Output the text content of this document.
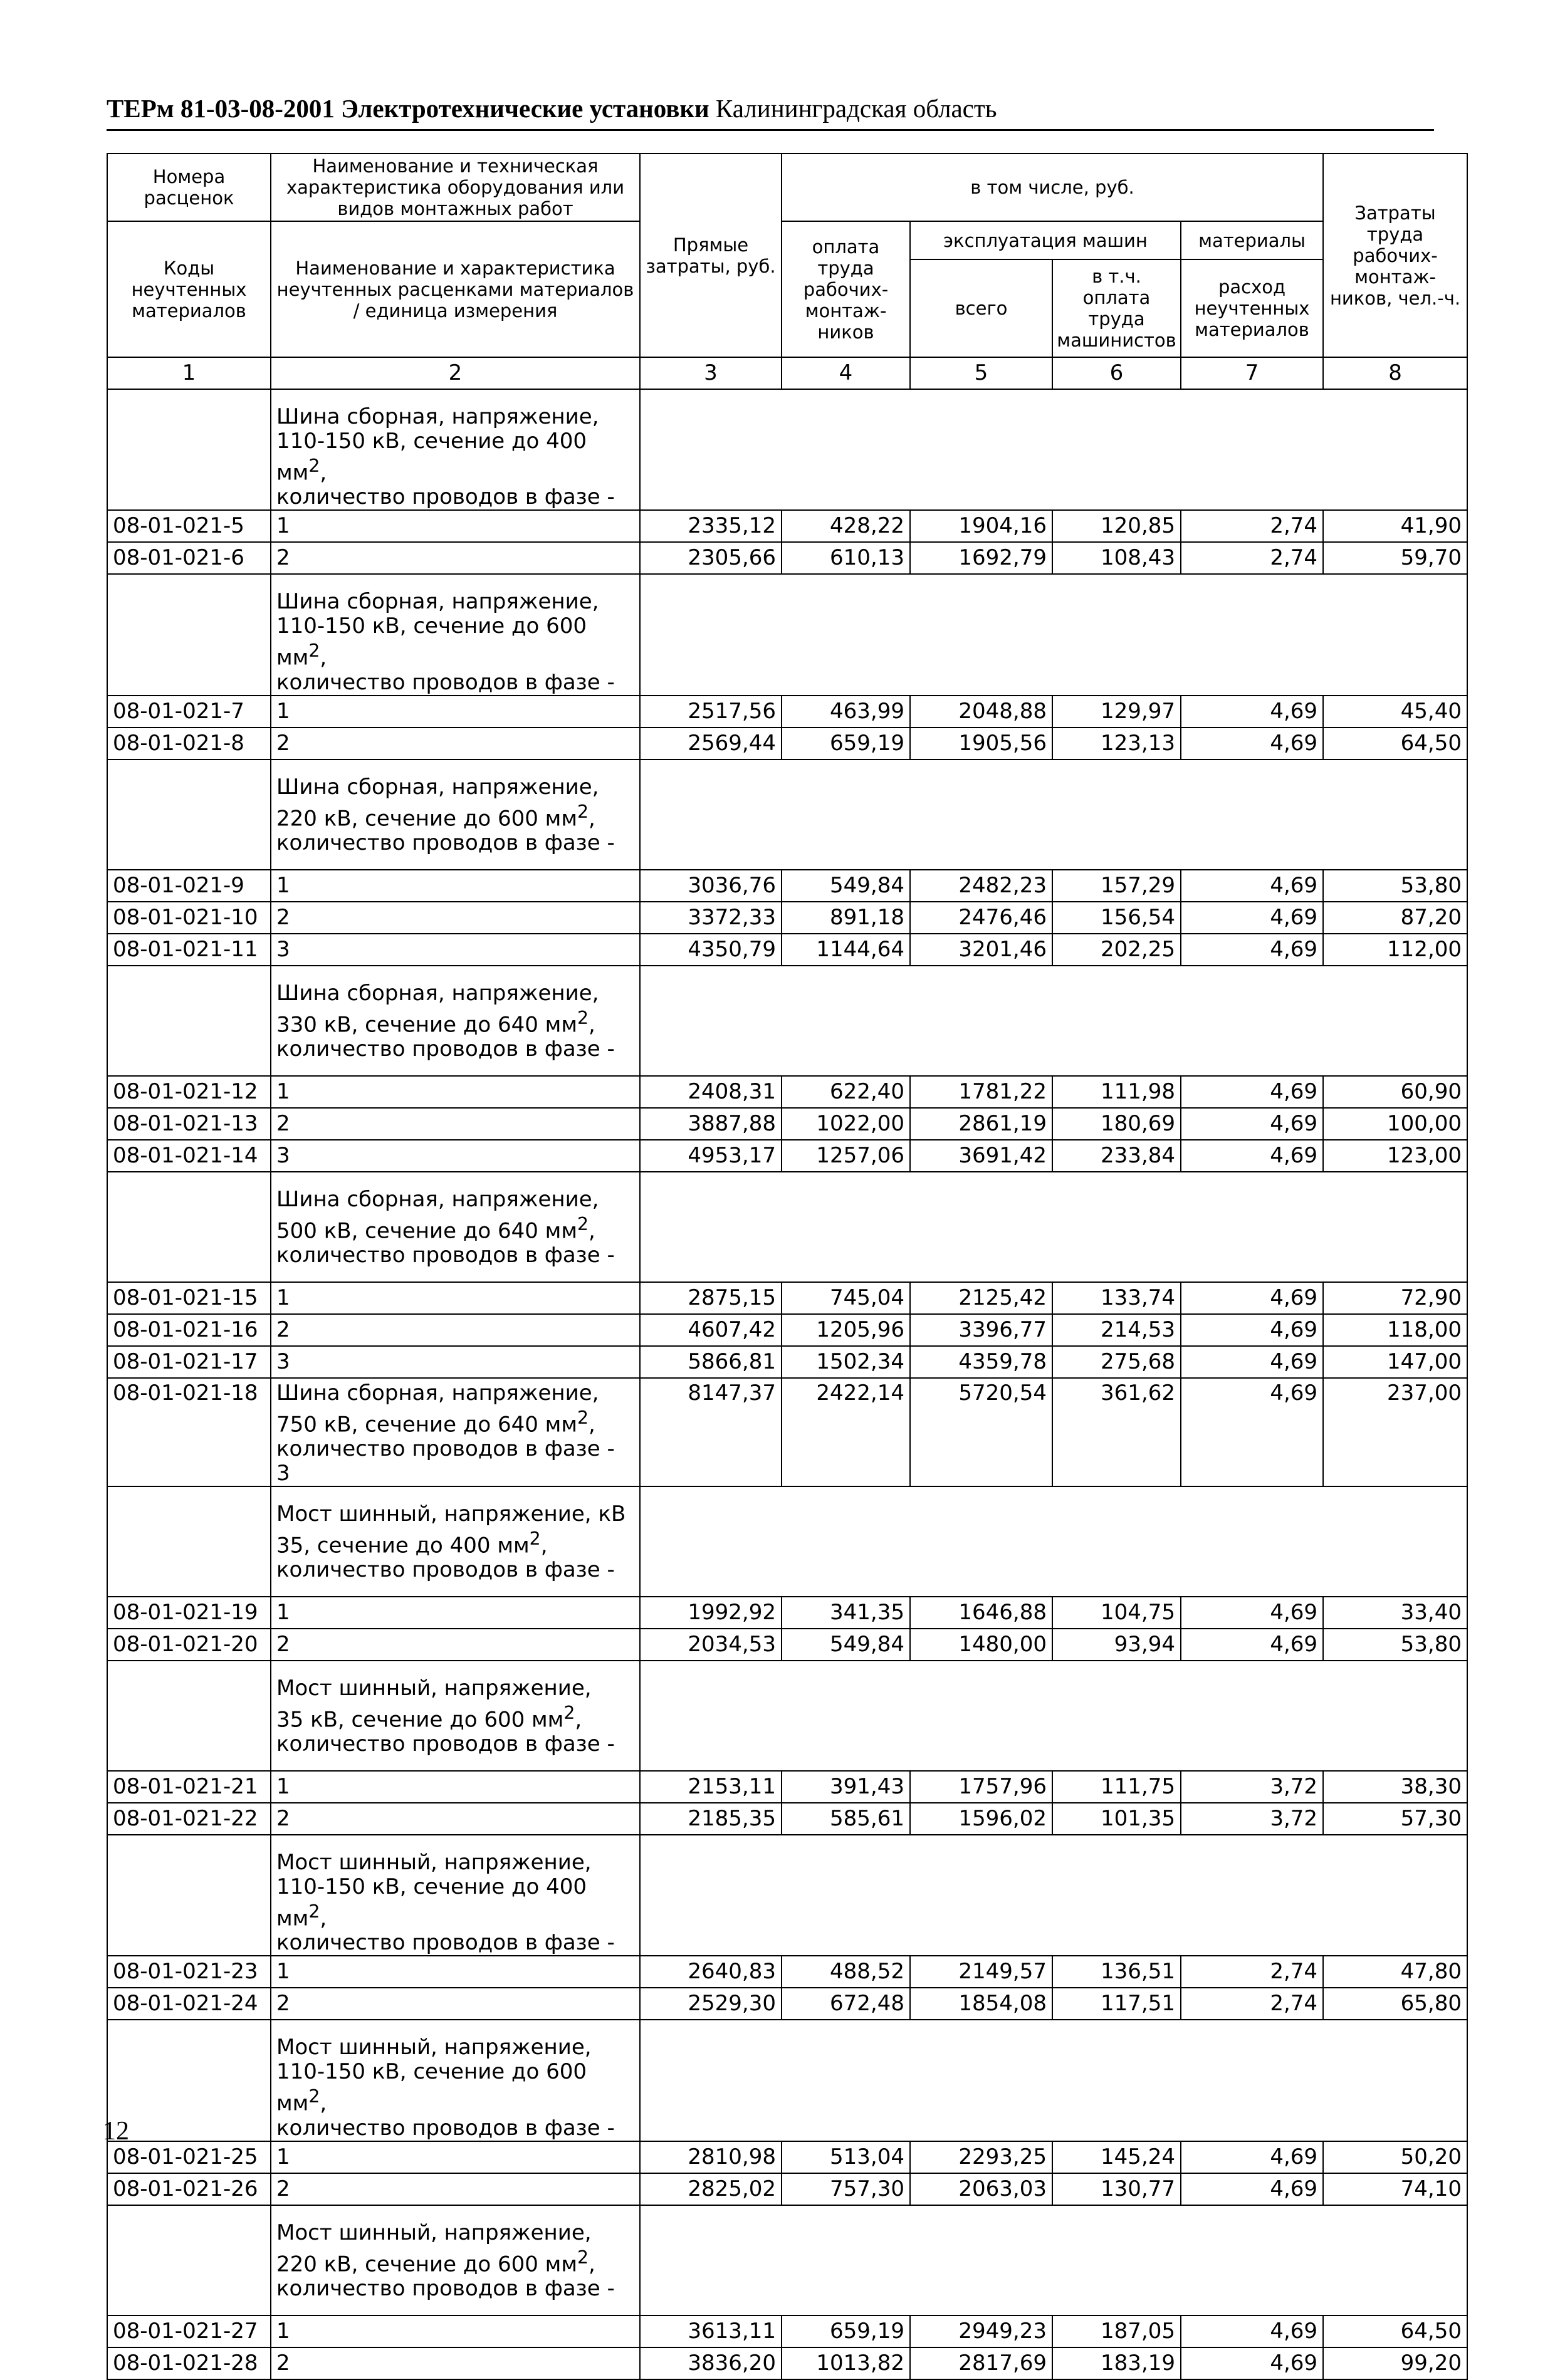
ТЕРм 81-03-08-2001 Электротехнические установки Калининградская область
Номера расценок	Наименование и техническая характеристика оборудования или видов монтажных работ	Прямые затраты, руб.	в том числе, руб.				Затраты труда рабочих-монтаж-ников, чел.-ч.
Коды неучтенных материалов	Наименование и характеристика неучтенных расценками материалов / единица измерения		оплата труда рабочих-монтаж-ников	эксплуатация машин		материалы	
				всего	в т.ч. оплата труда машинистов	расход неучтенных материалов	
1	2	3	4	5	6	7	8

	Шина сборная, напряжение,
110-150 кВ, сечение до 400 $мм^2$,
количество проводов в фазе -						

08-01-021-5	1	2335,12	428,22	1904,16	120,85	2,74	41,90
08-01-021-6	2	2305,66	610,13	1692,79	108,43	2,74	59,70

	Шина сборная, напряжение,
110-150 кВ, сечение до 600 $мм^2$,
количество проводов в фазе -						

08-01-021-7	1	2517,56	463,99	2048,88	129,97	4,69	45,40
08-01-021-8	2	2569,44	659,19	1905,56	123,13	4,69	64,50

	Шина сборная, напряжение,
220 кВ, сечение до 600 $мм^2$,
количество проводов в фазе -						

08-01-021-9	1	3036,76	549,84	2482,23	157,29	4,69	53,80
08-01-021-10	2	3372,33	891,18	2476,46	156,54	4,69	87,20
08-01-021-11	3	4350,79	1144,64	3201,46	202,25	4,69	112,00

	Шина сборная, напряжение,
330 кВ, сечение до 640 $мм^2$,
количество проводов в фазе -						

08-01-021-12	1	2408,31	622,40	1781,22	111,98	4,69	60,90
08-01-021-13	2	3887,88	1022,00	2861,19	180,69	4,69	100,00
08-01-021-14	3	4953,17	1257,06	3691,42	233,84	4,69	123,00

	Шина сборная, напряжение,
500 кВ, сечение до 640 $мм^2$,
количество проводов в фазе -						

08-01-021-15	1	2875,15	745,04	2125,42	133,74	4,69	72,90
08-01-021-16	2	4607,42	1205,96	3396,77	214,53	4,69	118,00
08-01-021-17	3	5866,81	1502,34	4359,78	275,68	4,69	147,00
08-01-021-18	Шина сборная, напряжение,
750 кВ, сечение до 640 $мм^2$,
количество проводов в фазе - 3	8147,37	2422,14	5720,54	361,62	4,69	237,00

	Мост шинный, напряжение, кВ
35, сечение до 400 $мм^2$,
количество проводов в фазе -						

08-01-021-19	1	1992,92	341,35	1646,88	104,75	4,69	33,40
08-01-021-20	2	2034,53	549,84	1480,00	93,94	4,69	53,80

	Мост шинный, напряжение,
35 кВ, сечение до 600 $мм^2$,
количество проводов в фазе -						

08-01-021-21	1	2153,11	391,43	1757,96	111,75	3,72	38,30
08-01-021-22	2	2185,35	585,61	1596,02	101,35	3,72	57,30

	Мост шинный, напряжение,
110-150 кВ, сечение до 400 $мм^2$,
количество проводов в фазе -						

08-01-021-23	1	2640,83	488,52	2149,57	136,51	2,74	47,80
08-01-021-24	2	2529,30	672,48	1854,08	117,51	2,74	65,80

	Мост шинный, напряжение,
110-150 кВ, сечение до 600 $мм^2$,
количество проводов в фазе -						

08-01-021-25	1	2810,98	513,04	2293,25	145,24	4,69	50,20
08-01-021-26	2	2825,02	757,30	2063,03	130,77	4,69	74,10

	Мост шинный, напряжение,
220 кВ, сечение до 600 $мм^2$,
количество проводов в фазе -						

08-01-021-27	1	3613,11	659,19	2949,23	187,05	4,69	64,50
08-01-021-28	2	3836,20	1013,82	2817,69	183,19	4,69	99,20
12
